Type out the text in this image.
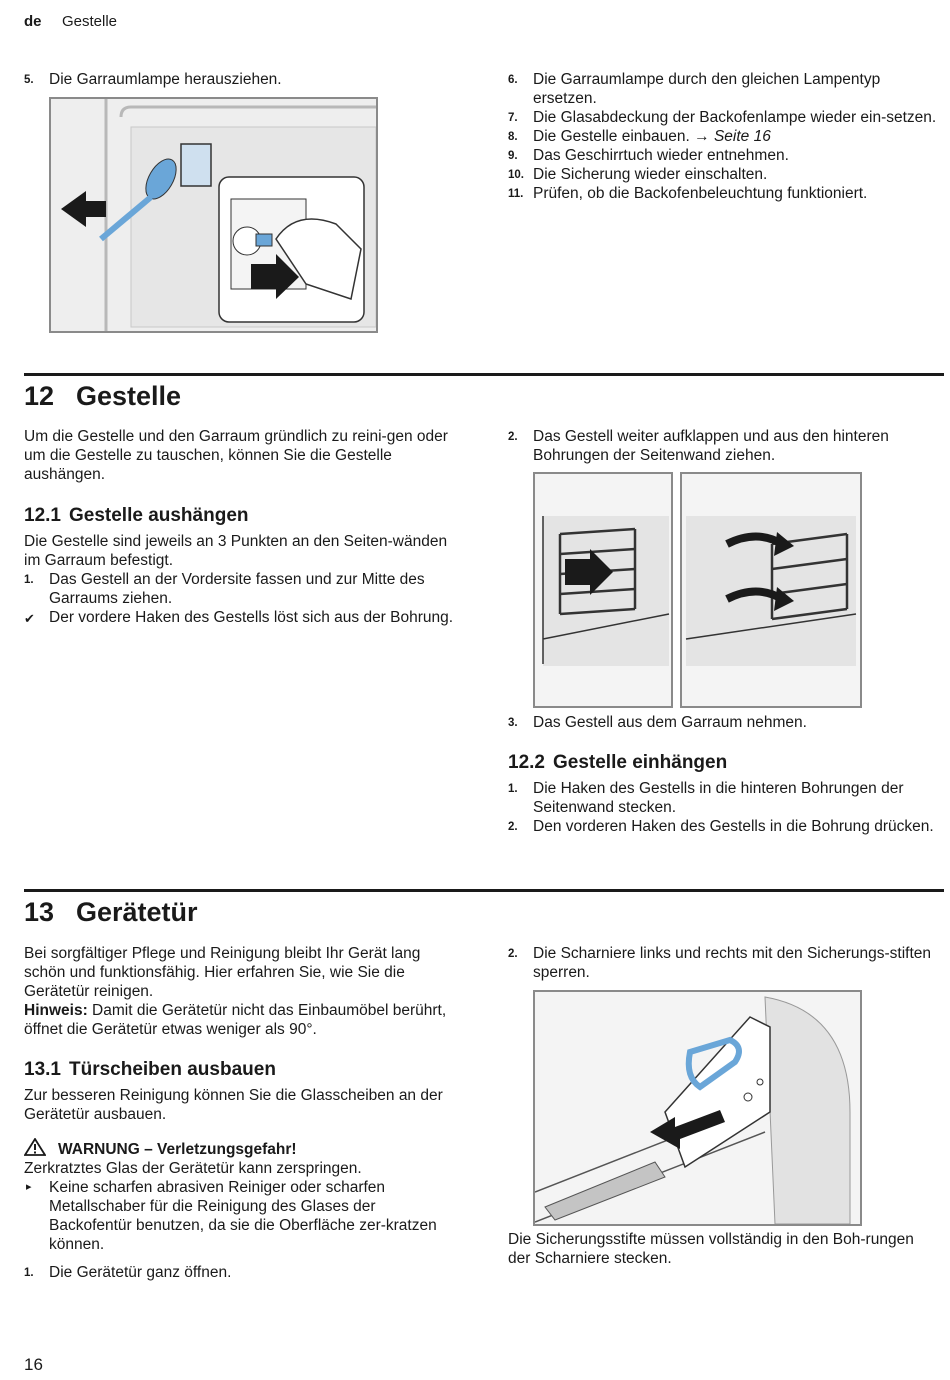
de Gestelle
5. Die Garraumlampe herausziehen.	6. Die Garraumlampe durch den gleichen Lampentyp ersetzen.
7. Die Glasabdeckung der Backofenlampe wieder ein-setzen.
8. Die Gestelle einbauen. → Seite 16
9. Das Geschirrtuch wieder entnehmen.
10. Die Sicherung wieder einschalten.
11. Prüfen, ob die Backofenbeleuchtung funktioniert.
12 Gestelle

Um die Gestelle und den Garraum gründlich zu reini-gen oder um die Gestelle zu tauschen, können Sie die Gestelle aushängen.

12.1 Gestelle aushängen

Die Gestelle sind jeweils an 3 Punkten an den Seiten-wänden im Garraum befestigt.

1. Das Gestell an der Vordersite fassen und zur Mitte des Garraums ziehen.
✔ Der vordere Haken des Gestells löst sich aus der Bohrung.
2. Das Gestell weiter aufklappen und aus den hinteren Bohrungen der Seitenwand ziehen.
3. Das Gestell aus dem Garraum nehmen.
12.2 Gestelle einhängen
1. Die Haken des Gestells in die hinteren Bohrungen der Seitenwand stecken.
2. Den vorderen Haken des Gestells in die Bohrung drücken.
13 Gerätetür

Bei sorgfältiger Pflege und Reinigung bleibt Ihr Gerät lang schön und funktionsfähig. Hier erfahren Sie, wie Sie die Gerätetür reinigen.

Hinweis: Damit die Gerätetür nicht das Einbaumöbel berührt, öffnet die Gerätetür etwas weniger als 90°.

13.1 Türscheiben ausbauen

Zur besseren Reinigung können Sie die Glasscheiben an der Gerätetür ausbauen.

WARNUNG – Verletzungsgefahr!

Zerkratztes Glas der Gerätetür kann zerspringen.

▸ Keine scharfen abrasiven Reiniger oder scharfen Metallschaber für die Reinigung des Glases der Backofentür benutzen, da sie die Oberfläche zer-kratzen können.
1. Die Gerätetür ganz öffnen.
2. Die Scharniere links und rechts mit den Sicherungs-stiften sperren.

Die Sicherungsstifte müssen vollständig in den Boh-rungen der Scharniere stecken.

16
